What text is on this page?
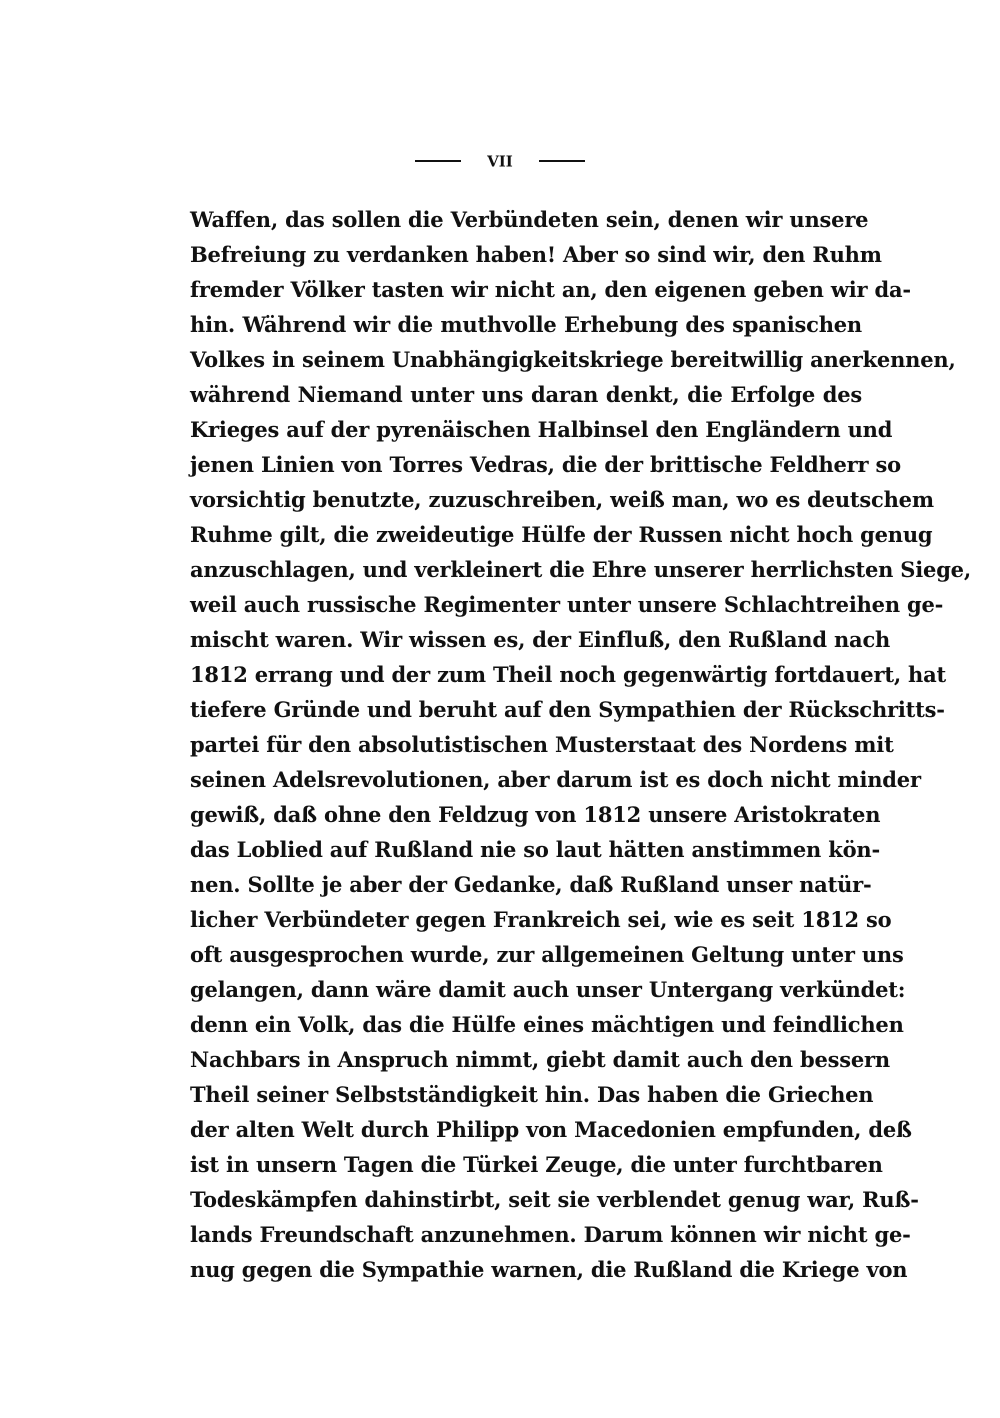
VII
Waffen, das sollen die Verbündeten sein, denen wir unsere
Befreiung zu verdanken haben! Aber so sind wir, den Ruhm
fremder Völker tasten wir nicht an, den eigenen geben wir da-
hin. Während wir die muthvolle Erhebung des spanischen
Volkes in seinem Unabhängigkeitskriege bereitwillig anerkennen,
während Niemand unter uns daran denkt, die Erfolge des
Krieges auf der pyrenäischen Halbinsel den Engländern und
jenen Linien von Torres Vedras, die der brittische Feldherr so
vorsichtig benutzte, zuzuschreiben, weiß man, wo es deutschem
Ruhme gilt, die zweideutige Hülfe der Russen nicht hoch genug
anzuschlagen, und verkleinert die Ehre unserer herrlichsten Siege,
weil auch russische Regimenter unter unsere Schlachtreihen ge-
mischt waren. Wir wissen es, der Einfluß, den Rußland nach
1812 errang und der zum Theil noch gegenwärtig fortdauert, hat
tiefere Gründe und beruht auf den Sympathien der Rückschritts-
partei für den absolutistischen Musterstaat des Nordens mit
seinen Adelsrevolutionen, aber darum ist es doch nicht minder
gewiß, daß ohne den Feldzug von 1812 unsere Aristokraten
das Loblied auf Rußland nie so laut hätten anstimmen kön-
nen. Sollte je aber der Gedanke, daß Rußland unser natür-
licher Verbündeter gegen Frankreich sei, wie es seit 1812 so
oft ausgesprochen wurde, zur allgemeinen Geltung unter uns
gelangen, dann wäre damit auch unser Untergang verkündet:
denn ein Volk, das die Hülfe eines mächtigen und feindlichen
Nachbars in Anspruch nimmt, giebt damit auch den bessern
Theil seiner Selbstständigkeit hin. Das haben die Griechen
der alten Welt durch Philipp von Macedonien empfunden, deß
ist in unsern Tagen die Türkei Zeuge, die unter furchtbaren
Todeskämpfen dahinstirbt, seit sie verblendet genug war, Ruß-
lands Freundschaft anzunehmen. Darum können wir nicht ge-
nug gegen die Sympathie warnen, die Rußland die Kriege von
